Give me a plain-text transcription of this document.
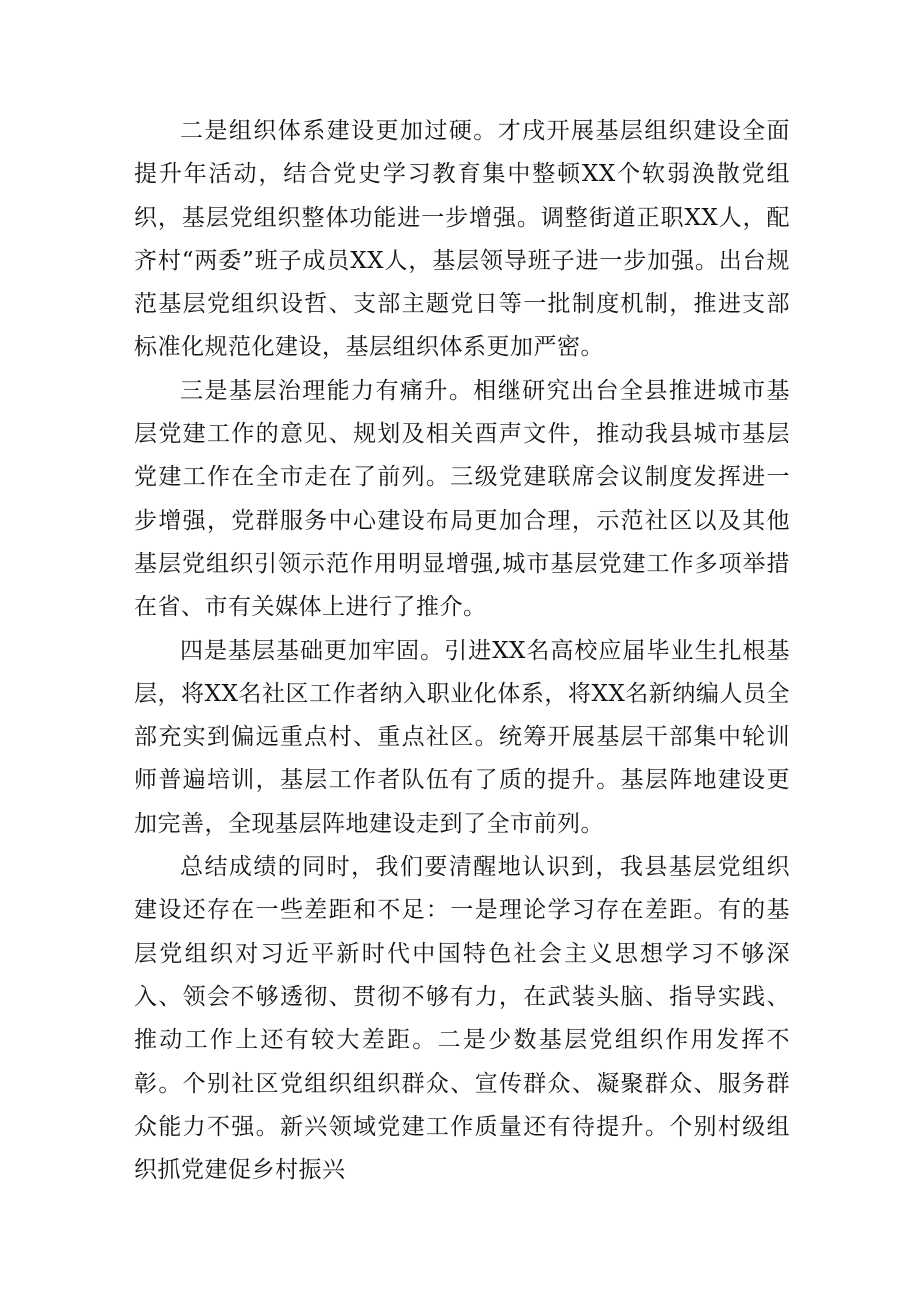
二是组织体系建设更加过硬。才戌开展基层组织建设全面提升年活动，结合党史学习教育集中整顿XX个软弱涣散党组织，基层党组织整体功能进一步增强。调整街道正职XX人，配齐村“两委”班子成员XX人，基层领导班子进一步加强。出台规范基层党组织设哲、支部主题党日等一批制度机制，推进支部标准化规范化建设，基层组织体系更加严密。

三是基层治理能力有痛升。相继研究出台全县推进城市基层党建工作的意见、规划及相关酉声文件，推动我县城市基层党建工作在全市走在了前列。三级党建联席会议制度发挥进一步增强，党群服务中心建设布局更加合理，示范社区以及其他基层党组织引领示范作用明显增强,城市基层党建工作多项举措在省、市有关媒体上进行了推介。

四是基层基础更加牢固。引进XX名高校应届毕业生扎根基层，将XX名社区工作者纳入职业化体系，将XX名新纳编人员全部充实到偏远重点村、重点社区。统筹开展基层干部集中轮训师普遍培训，基层工作者队伍有了质的提升。基层阵地建设更加完善，全现基层阵地建设走到了全市前列。

总结成绩的同时，我们要清醒地认识到，我县基层党组织建设还存在一些差距和不足：一是理论学习存在差距。有的基层党组织对习近平新时代中国特色社会主义思想学习不够深入、领会不够透彻、贯彻不够有力，在武装头脑、指导实践、推动工作上还有较大差距。二是少数基层党组织作用发挥不彰。个别社区党组织组织群众、宣传群众、凝聚群众、服务群众能力不强。新兴领域党建工作质量还有待提升。个别村级组织抓党建促乡村振兴
